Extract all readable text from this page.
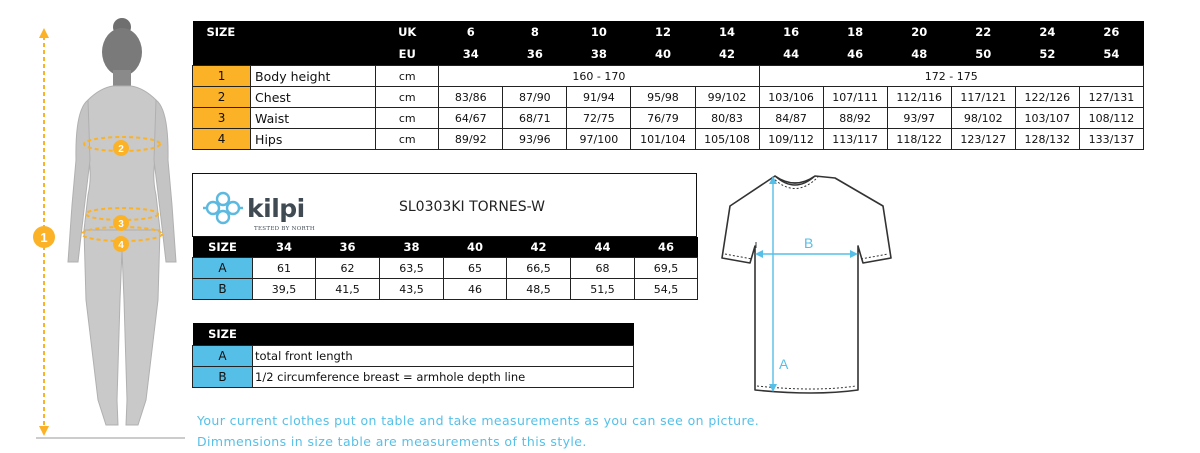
1
2
3
4
SIZE		UK	6	8	10	12	14	16	18	20	22	24	26
		EU	34	36	38	40	42	44	46	48	50	52	54
1	Body height	cm	160 - 170					172 - 175					
2	Chest	cm	83/86	87/90	91/94	95/98	99/102	103/106	107/111	112/116	117/121	122/126	127/131
3	Waist	cm	64/67	68/71	72/75	76/79	80/83	84/87	88/92	93/97	98/102	103/107	108/112
4	Hips	cm	89/92	93/96	97/100	101/104	105/108	109/112	113/117	118/122	123/127	128/132	133/137
kilpi
TESTED BY NORTH
SL0303KI TORNES-W
SIZE	34	36	38	40	42	44	46
A	61	62	63,5	65	66,5	68	69,5
B	39,5	41,5	43,5	46	48,5	51,5	54,5
SIZE	
A	total front length
B	1/2 circumference breast = armhole depth line
A
B
Your current clothes put on table and take measurements as you can see on picture.
Dimmensions in size table are measurements of this style.
